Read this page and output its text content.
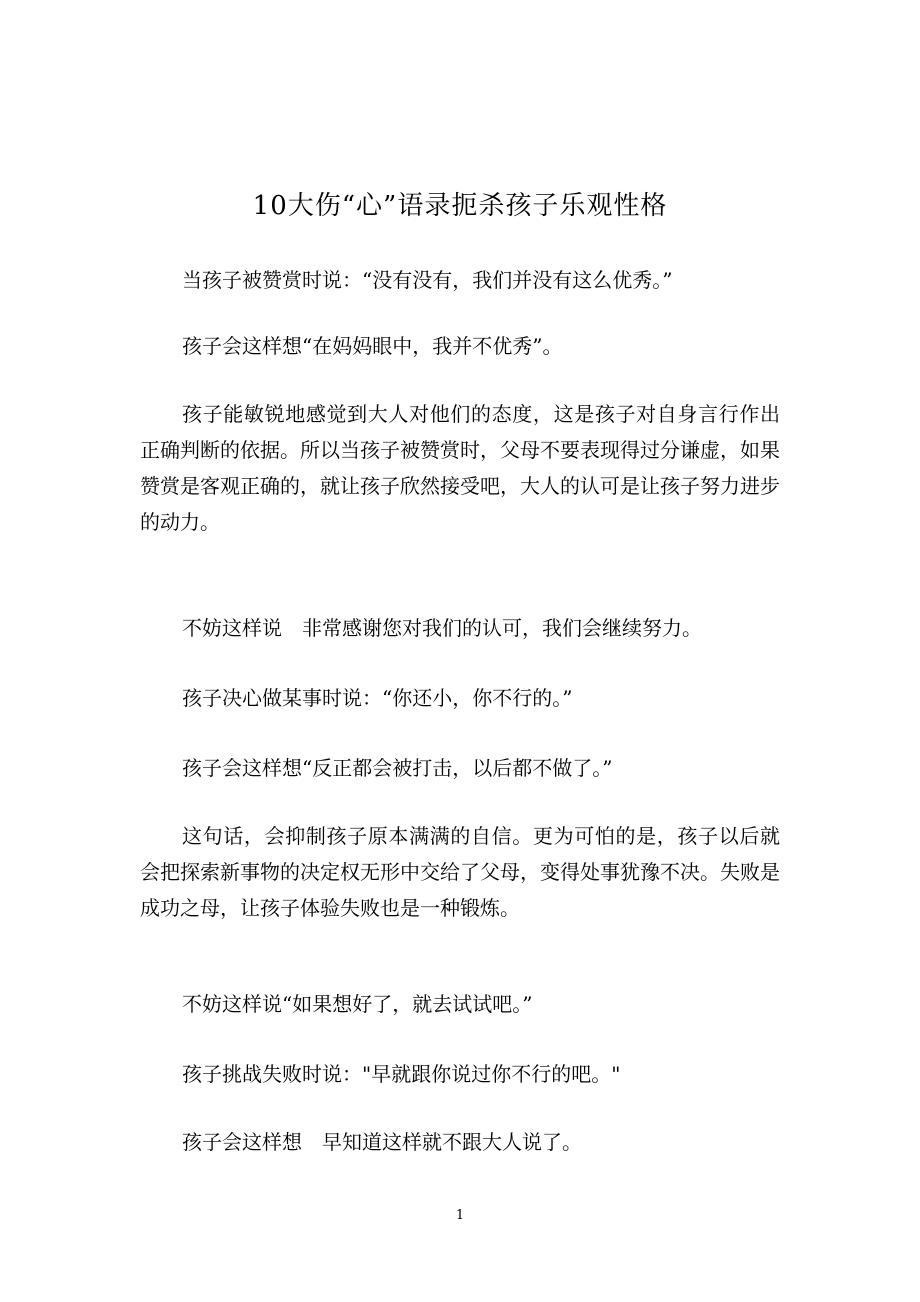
10大伤“心”语录扼杀孩子乐观性格

当孩子被赞赏时说：“没有没有，我们并没有这么优秀。”

孩子会这样想“在妈妈眼中，我并不优秀”。

孩子能敏锐地感觉到大人对他们的态度，这是孩子对自身言行作出正确判断的依据。所以当孩子被赞赏时，父母不要表现得过分谦虚，如果赞赏是客观正确的，就让孩子欣然接受吧，大人的认可是让孩子努力进步的动力。

不妨这样说　非常感谢您对我们的认可，我们会继续努力。

孩子决心做某事时说：“你还小，你不行的。”

孩子会这样想“反正都会被打击，以后都不做了。”

这句话，会抑制孩子原本满满的自信。更为可怕的是，孩子以后就会把探索新事物的决定权无形中交给了父母，变得处事犹豫不决。失败是成功之母，让孩子体验失败也是一种锻炼。

不妨这样说“如果想好了，就去试试吧。”

孩子挑战失败时说："早就跟你说过你不行的吧。"

孩子会这样想　早知道这样就不跟大人说了。

1
